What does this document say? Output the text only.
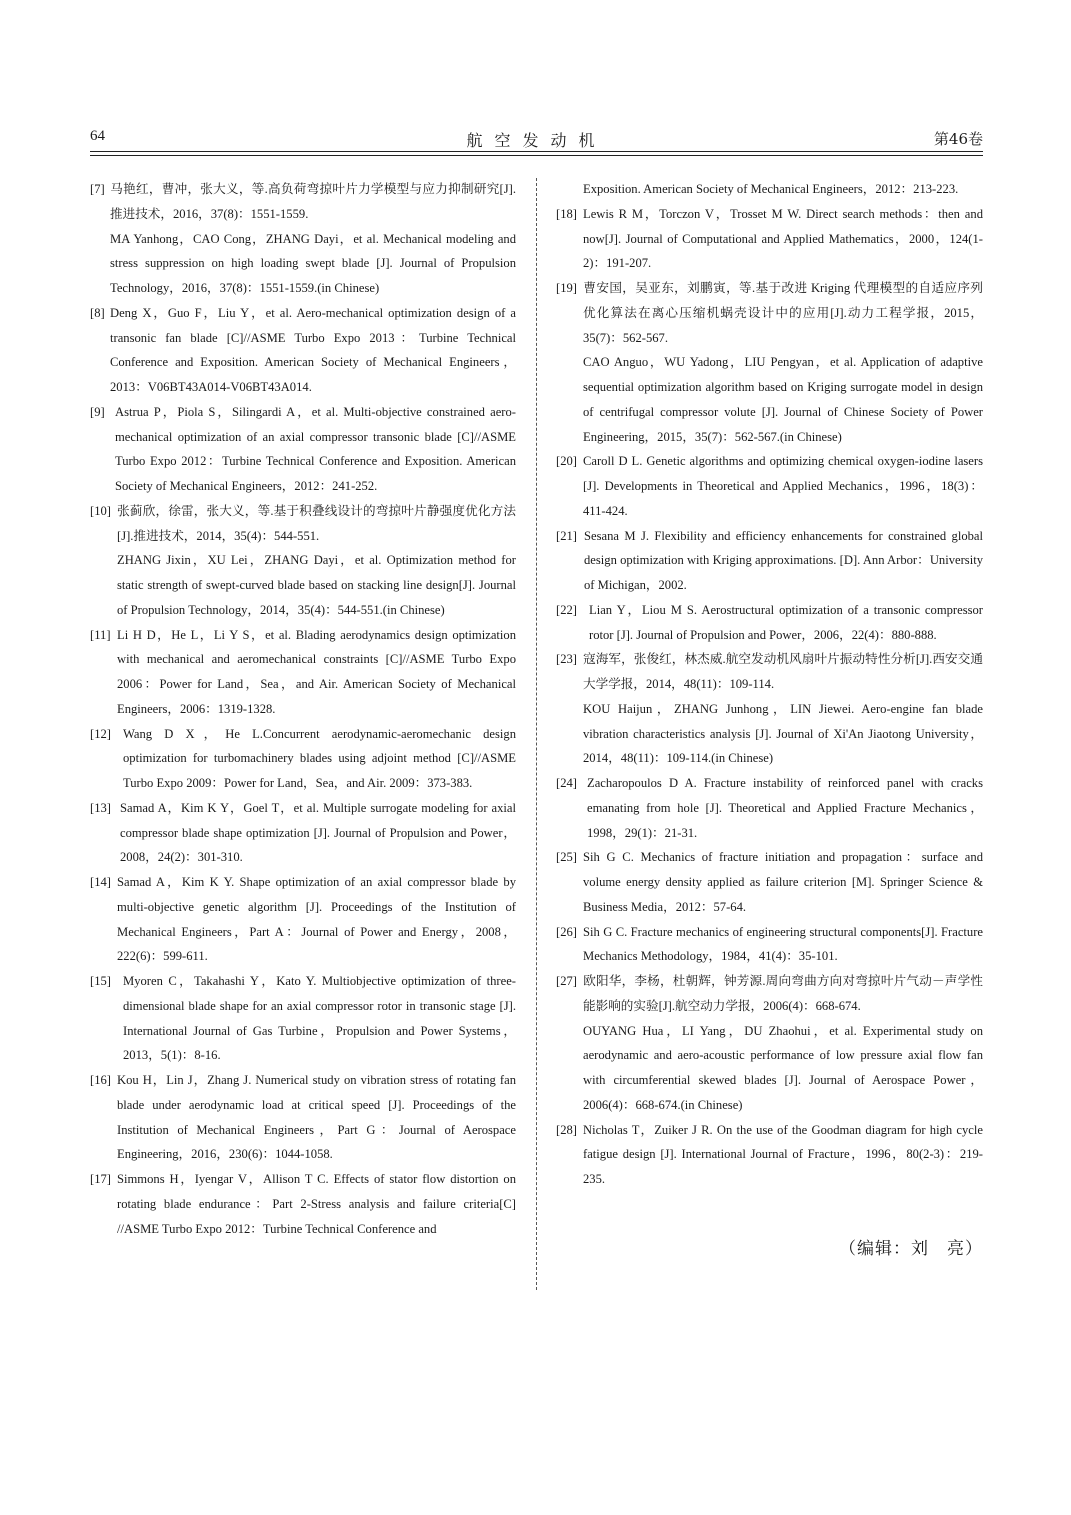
64	航空发动机	第46卷

[7] 马艳红，曹冲，张大义，等.高负荷弯掠叶片力学模型与应力抑制研究[J].推进技术，2016，37(8)：1551-1559.

MA Yanhong，CAO Cong，ZHANG Dayi，et al. Mechanical modeling and stress suppression on high loading swept blade [J]. Journal of Propulsion Technology，2016，37(8)：1551-1559.(in Chinese)

[8] Deng X，Guo F，Liu Y，et al. Aero-mechanical optimization design of a transonic fan blade [C]//ASME Turbo Expo 2013：Turbine Technical Conference and Exposition. American Society of Mechanical Engineers，2013：V06BT43A014-V06BT43A014.

[9] Astrua P，Piola S，Silingardi A，et al. Multi-objective constrained aero-mechanical optimization of an axial compressor transonic blade [C]//ASME Turbo Expo 2012：Turbine Technical Conference and Exposition. American Society of Mechanical Engineers，2012：241-252.

[10] 张蓟欣，徐雷，张大义，等.基于积叠线设计的弯掠叶片静强度优化方法[J].推进技术，2014，35(4)：544-551.

ZHANG Jixin，XU Lei，ZHANG Dayi，et al. Optimization method for static strength of swept-curved blade based on stacking line design[J]. Journal of Propulsion Technology，2014，35(4)：544-551.(in Chinese)

[11] Li H D，He L，Li Y S，et al. Blading aerodynamics design optimization with mechanical and aeromechanical constraints [C]//ASME Turbo Expo 2006：Power for Land，Sea，and Air. American Society of Mechanical Engineers，2006：1319-1328.

[12] Wang D X，He L.Concurrent aerodynamic-aeromechanic design optimization for turbomachinery blades using adjoint method [C]//ASME Turbo Expo 2009：Power for Land，Sea，and Air. 2009：373-383.

[13] Samad A，Kim K Y，Goel T，et al. Multiple surrogate modeling for axial compressor blade shape optimization [J]. Journal of Propulsion and Power，2008，24(2)：301-310.

[14] Samad A，Kim K Y. Shape optimization of an axial compressor blade by multi-objective genetic algorithm [J]. Proceedings of the Institution of Mechanical Engineers，Part A：Journal of Power and Energy，2008，222(6)：599-611.

[15] Myoren C，Takahashi Y，Kato Y. Multiobjective optimization of three-dimensional blade shape for an axial compressor rotor in transonic stage [J]. International Journal of Gas Turbine，Propulsion and Power Systems，2013，5(1)：8-16.

[16] Kou H，Lin J，Zhang J. Numerical study on vibration stress of rotating fan blade under aerodynamic load at critical speed [J]. Proceedings of the Institution of Mechanical Engineers，Part G：Journal of Aerospace Engineering，2016，230(6)：1044-1058.

[17] Simmons H，Iyengar V，Allison T C. Effects of stator flow distortion on rotating blade endurance：Part 2-Stress analysis and failure criteria[C] //ASME Turbo Expo 2012：Turbine Technical Conference and

Exposition. American Society of Mechanical Engineers，2012：213-223.

[18] Lewis R M，Torczon V，Trosset M W. Direct search methods：then and now[J]. Journal of Computational and Applied Mathematics，2000，124(1-2)：191-207.

[19] 曹安国，吴亚东，刘鹏寅，等.基于改进 Kriging 代理模型的自适应序列优化算法在离心压缩机蜗壳设计中的应用[J].动力工程学报，2015，35(7)：562-567.

CAO Anguo，WU Yadong，LIU Pengyan，et al. Application of adaptive sequential optimization algorithm based on Kriging surrogate model in design of centrifugal compressor volute [J]. Journal of Chinese Society of Power Engineering，2015，35(7)：562-567.(in Chinese)

[20] Caroll D L. Genetic algorithms and optimizing chemical oxygen-iodine lasers [J]. Developments in Theoretical and Applied Mechanics，1996，18(3)：411-424.

[21] Sesana M J. Flexibility and efficiency enhancements for constrained global design optimization with Kriging approximations. [D]. Ann Arbor：University of Michigan，2002.

[22] Lian Y，Liou M S. Aerostructural optimization of a transonic compressor rotor [J]. Journal of Propulsion and Power，2006，22(4)：880-888.

[23] 寇海军，张俊红，林杰威.航空发动机风扇叶片振动特性分析[J].西安交通大学学报，2014，48(11)：109-114.

KOU Haijun，ZHANG Junhong，LIN Jiewei. Aero-engine fan blade vibration characteristics analysis [J]. Journal of Xi'An Jiaotong University，2014，48(11)：109-114.(in Chinese)

[24] Zacharopoulos D A. Fracture instability of reinforced panel with cracks emanating from hole [J]. Theoretical and Applied Fracture Mechanics，1998，29(1)：21-31.

[25] Sih G C. Mechanics of fracture initiation and propagation：surface and volume energy density applied as failure criterion [M]. Springer Science & Business Media，2012：57-64.

[26] Sih G C. Fracture mechanics of engineering structural components[J]. Fracture Mechanics Methodology，1984，41(4)：35-101.

[27] 欧阳华，李杨，杜朝辉，钟芳源.周向弯曲方向对弯掠叶片气动－声学性能影响的实验[J].航空动力学报，2006(4)：668-674.

OUYANG Hua，LI Yang，DU Zhaohui，et al. Experimental study on aerodynamic and aero-acoustic performance of low pressure axial flow fan with circumferential skewed blades [J]. Journal of Aerospace Power，2006(4)：668-674.(in Chinese)

[28] Nicholas T，Zuiker J R. On the use of the Goodman diagram for high cycle fatigue design [J]. International Journal of Fracture，1996，80(2-3)：219-235.

（编辑：刘　亮）
